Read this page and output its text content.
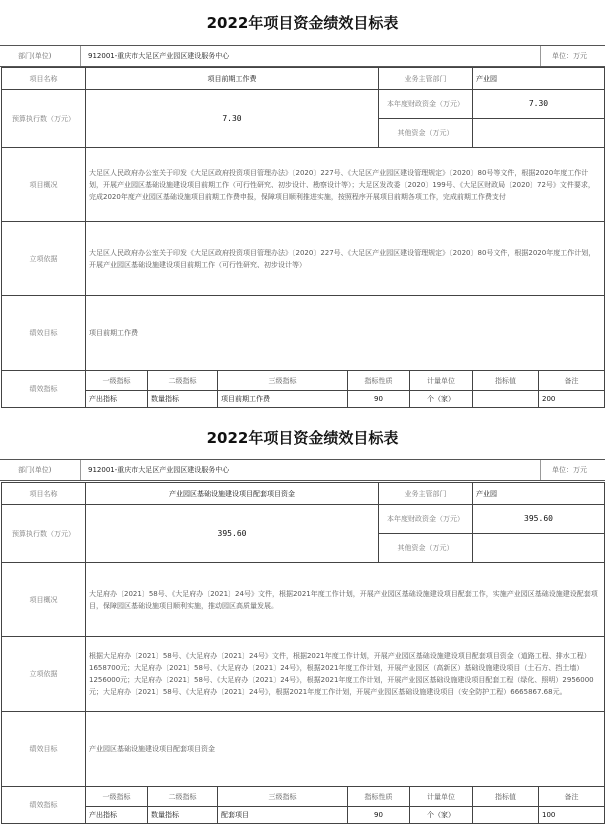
2022年项目资金绩效目标表
部门(单位)	912001-重庆市大足区产业园区建设服务中心	单位：万元
项目名称	项目前期工作费				业务主管部门		产业园	
预算执行数（万元）	7.30				本年度财政资金（万元）		7.30	
					其他资金（万元）			
项目概况	大足区人民政府办公室关于印发《大足区政府投资项目管理办法》〔2020〕227号、《大足区产业园区建设管理规定》〔2020〕80号等文件，根据2020年度工作计划，开展产业园区基础设施建设项目前期工作（可行性研究、初步设计、勘察设计等）；大足区发改委〔2020〕199号、《大足区财政局〔2020〕72号》文件要求，完成2020年度产业园区基础设施项目前期工作费申报，保障项目顺利推进实施，按照程序开展项目前期各项工作，完成前期工作费支付							
立项依据	大足区人民政府办公室关于印发《大足区政府投资项目管理办法》〔2020〕227号、《大足区产业园区建设管理规定》〔2020〕80号文件，根据2020年度工作计划，开展产业园区基础设施建设项目前期工作（可行性研究、初步设计等）							
绩效目标	项目前期工作费							
绩效指标	一级指标	二级指标	三级指标	指标性质		计量单位	指标值	备注
	产出指标	数量指标	项目前期工作费	90		个（家）		200
2022年项目资金绩效目标表
部门(单位)	912001-重庆市大足区产业园区建设服务中心	单位：万元
项目名称	产业园区基础设施建设项目配套项目资金				业务主管部门		产业园	
预算执行数（万元）	395.60				本年度财政资金（万元）		395.60	
					其他资金（万元）			
项目概况	大足府办〔2021〕58号、《大足府办〔2021〕24号》文件，根据2021年度工作计划，开展产业园区基础设施建设项目配套工作，实施产业园区基础设施建设配套项目，保障园区基础设施项目顺利实施，推动园区高质量发展。							
立项依据	根据大足府办〔2021〕58号、《大足府办〔2021〕24号》文件，根据2021年度工作计划，开展产业园区基础设施建设项目配套项目资金（道路工程、排水工程）1658700元；大足府办〔2021〕58号、《大足府办〔2021〕24号》，根据2021年度工作计划，开展产业园区（高新区）基础设施建设项目（土石方、挡土墙）1256000元；大足府办〔2021〕58号、《大足府办〔2021〕24号》，根据2021年度工作计划，开展产业园区基础设施建设项目配套工程（绿化、照明）2956000元；大足府办〔2021〕58号、《大足府办〔2021〕24号》，根据2021年度工作计划，开展产业园区基础设施建设项目（安全防护工程）6665867.68元。							
绩效目标	产业园区基础设施建设项目配套项目资金							
绩效指标	一级指标	二级指标	三级指标	指标性质		计量单位	指标值	备注
	产出指标	数量指标	配套项目	90		个（家）		100
